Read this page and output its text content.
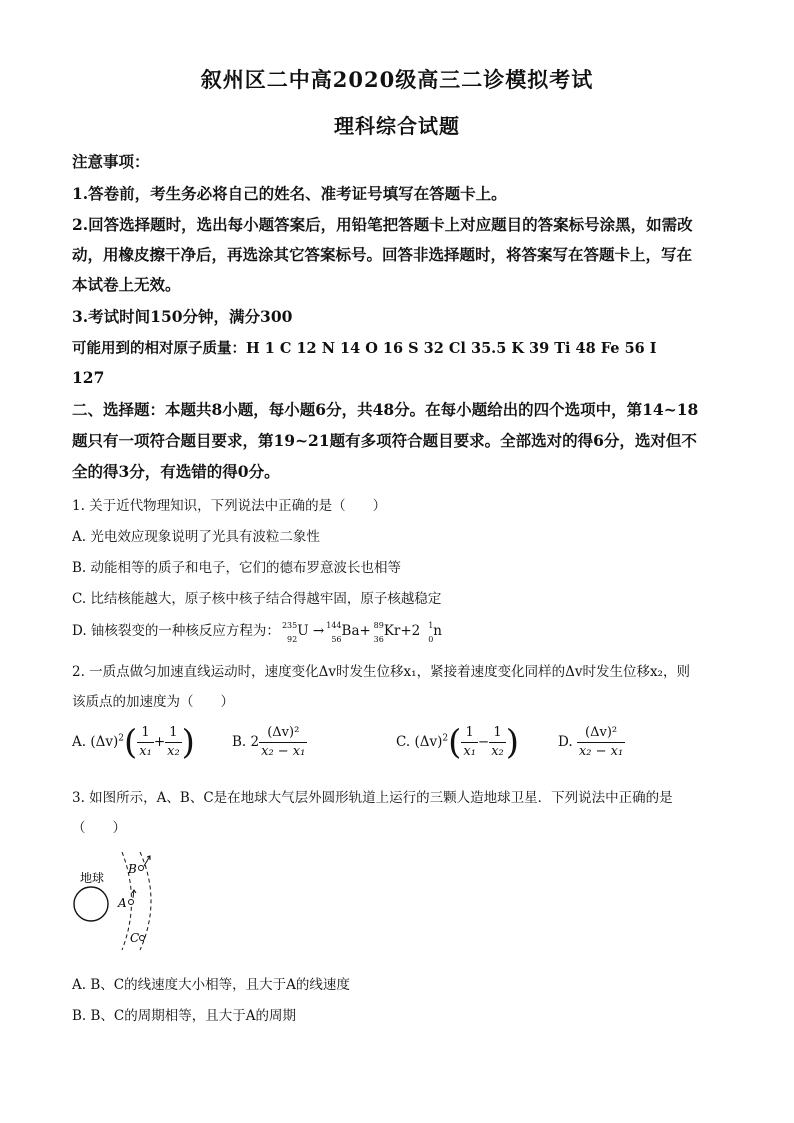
叙州区二中高2020级高三二诊模拟考试
理科综合试题
注意事项：
1.答卷前，考生务必将自己的姓名、准考证号填写在答题卡上。
2.回答选择题时，选出每小题答案后，用铅笔把答题卡上对应题目的答案标号涂黑，如需改
动，用橡皮擦干净后，再选涂其它答案标号。回答非选择题时，将答案写在答题卡上，写在
本试卷上无效。
3.考试时间150分钟，满分300
可能用到的相对原子质量：H 1 C 12 N 14 O 16 S 32 Cl 35.5 K 39 Ti 48 Fe 56 I
127
二、选择题：本题共8小题，每小题6分，共48分。在每小题给出的四个选项中，第14~18
题只有一项符合题目要求，第19~21题有多项符合题目要求。全部选对的得6分，选对但不
全的得3分，有选错的得0分。
1. 关于近代物理知识，下列说法中正确的是（　　）
A. 光电效应现象说明了光具有波粒二象性
B. 动能相等的质子和电子，它们的德布罗意波长也相等
C. 比结核能越大，原子核中核子结合得越牢固，原子核越稳定
D. 铀核裂变的一种核反应方程为： 235
92 U → 144
56 Ba+ 89
36 Kr+2 1
0 n
2. 一质点做匀加速直线运动时，速度变化Δv时发生位移x₁，紧接着速度变化同样的Δv时发生位移x₂，则
该质点的加速度为（　　）
A. $(\Delta v)^2( \frac{1}{\text{x₁}} + \frac{1}{\text{x₂}}$ )	B. $2 \frac{\text{(Δv)²}}{\text{x₂ − x₁}}$	C. $(\Delta v)^2( \frac{1}{\text{x₁}} - \frac{1}{\text{x₂}}$ )	D. $\frac{\text{(Δv)²}}{\text{x₂ − x₁}}$
3. 如图所示，A、B、C是在地球大气层外圆形轨道上运行的三颗人造地球卫星．下列说法中正确的是
（　　）
地球
B
A
C
A. B、C的线速度大小相等，且大于A的线速度
B. B、C的周期相等，且大于A的周期
